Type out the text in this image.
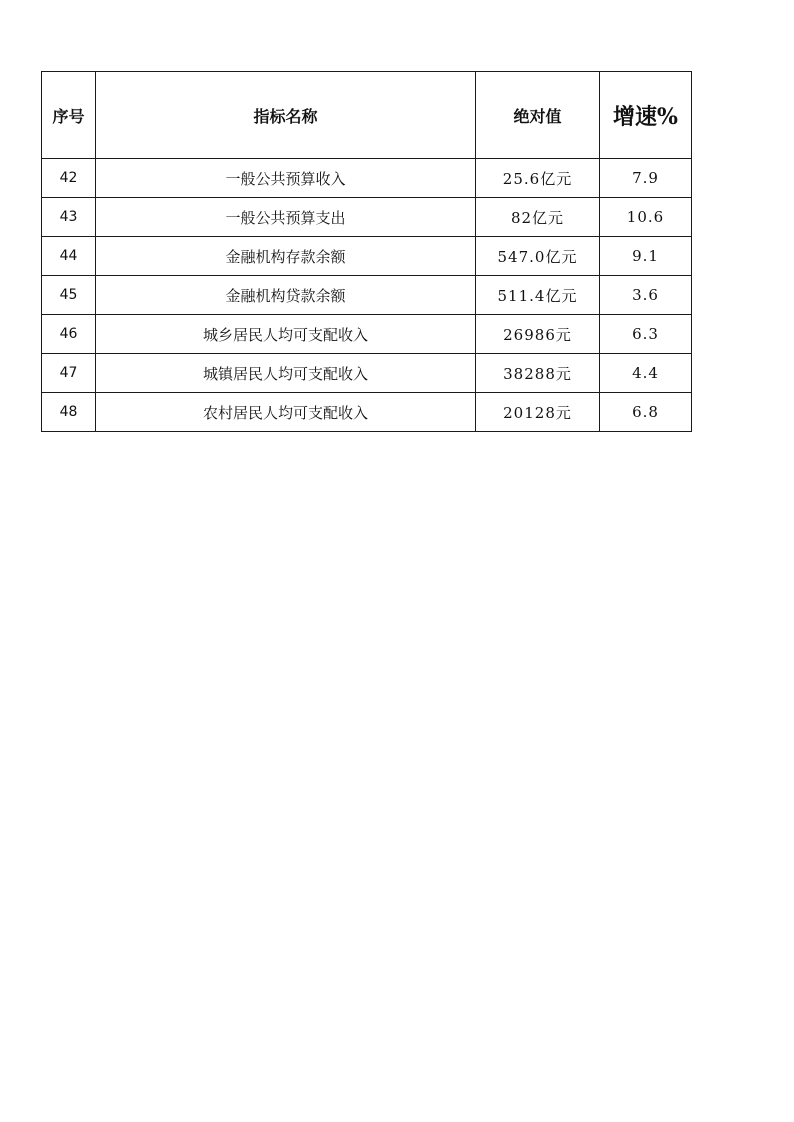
序号	指标名称	绝对值	增速%
42	一般公共预算收入	25.6亿元	7.9
43	一般公共预算支出	82亿元	10.6
44	金融机构存款余额	547.0亿元	9.1
45	金融机构贷款余额	511.4亿元	3.6
46	城乡居民人均可支配收入	26986元	6.3
47	城镇居民人均可支配收入	38288元	4.4
48	农村居民人均可支配收入	20128元	6.8
